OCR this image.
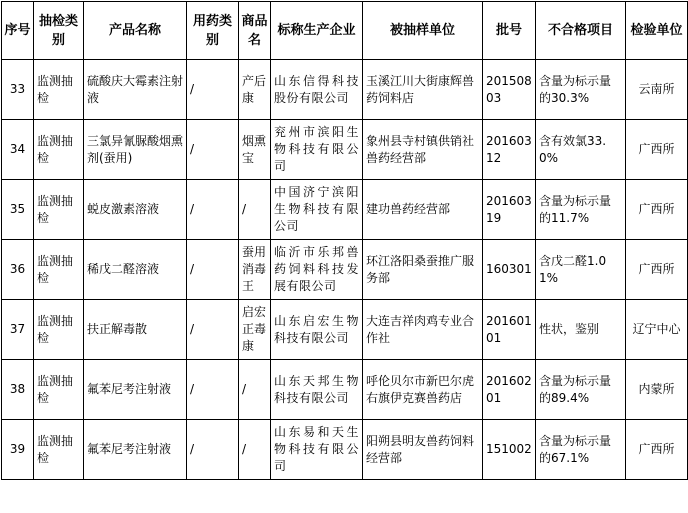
序号	抽检类别	产品名称	用药类别	商品名	标称生产企业	被抽样单位	批号	不合格项目	检验单位
33	监测抽检	硫酸庆大霉素注射液	/	产后康	山东信得科技股份有限公司	玉溪江川大街康辉兽药饲料店	20150803	含量为标示量的30.3%	云南所
34	监测抽检	三氯异氰脲酸烟熏剂(蚕用)	/	烟熏宝	兖州市滨阳生物科技有限公司	象州县寺村镇供销社兽药经营部	20160312	含有效氯33.0%	广西所
35	监测抽检	蜕皮激素溶液	/	/	中国济宁滨阳生物科技有限公司	建功兽药经营部	20160319	含量为标示量的11.7%	广西所
36	监测抽检	稀戊二醛溶液	/	蚕用消毒王	临沂市乐邦兽药饲料科技发展有限公司	环江洛阳桑蚕推广服务部	160301	含戊二醛1.01%	广西所
37	监测抽检	扶正解毒散	/	启宏正毒康	山东启宏生物科技有限公司	大连吉祥肉鸡专业合作社	20160101	性状，鉴别	辽宁中心
38	监测抽检	氟苯尼考注射液	/	/	山东天邦生物科技有限公司	呼伦贝尔市新巴尔虎右旗伊克赛兽药店	20160201	含量为标示量的89.4%	内蒙所
39	监测抽检	氟苯尼考注射液	/	/	山东易和天生物科技有限公司	阳朔县明友兽药饲料经营部	151002	含量为标示量的67.1%	广西所
